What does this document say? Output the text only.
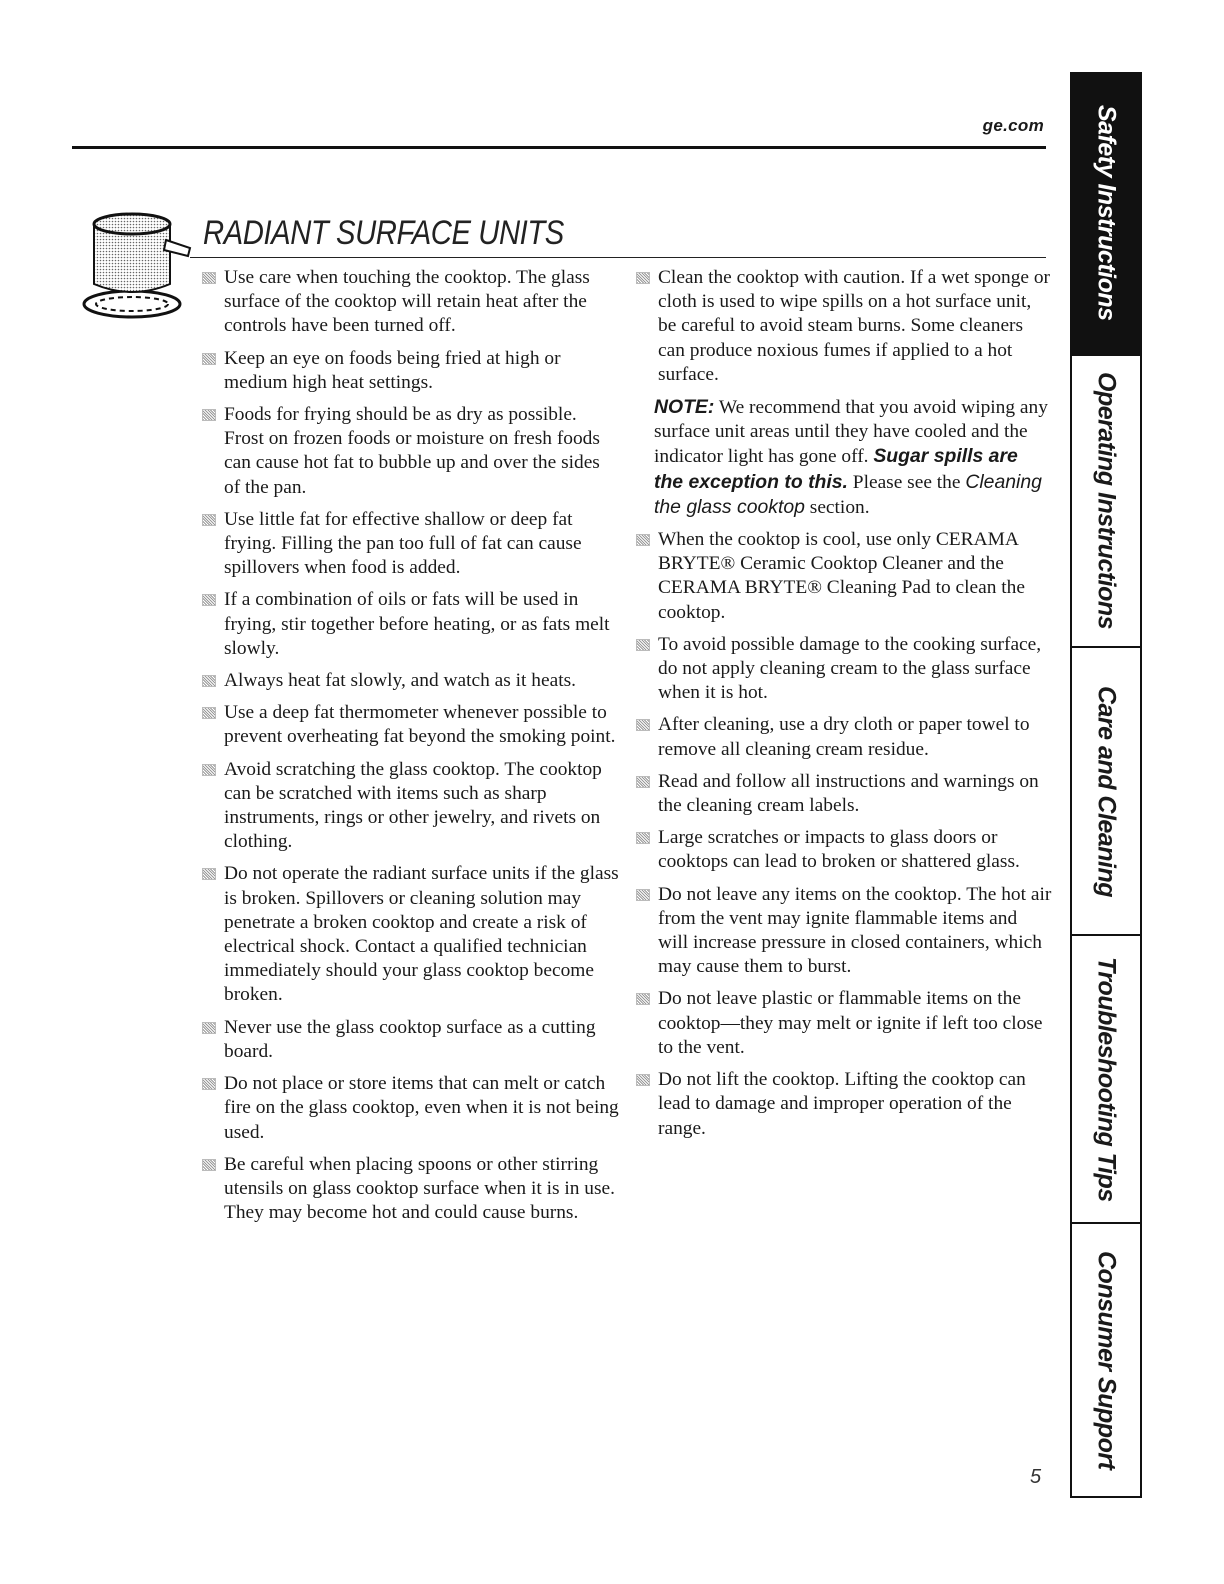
ge.com
RADIANT SURFACE UNITS
Use care when touching the cooktop. The glass surface of the cooktop will retain heat after the controls have been turned off.
Keep an eye on foods being fried at high or medium high heat settings.
Foods for frying should be as dry as possible. Frost on frozen foods or moisture on fresh foods can cause hot fat to bubble up and over the sides of the pan.
Use little fat for effective shallow or deep fat frying. Filling the pan too full of fat can cause spillovers when food is added.
If a combination of oils or fats will be used in frying, stir together before heating, or as fats melt slowly.
Always heat fat slowly, and watch as it heats.
Use a deep fat thermometer whenever possible to prevent overheating fat beyond the smoking point.
Avoid scratching the glass cooktop. The cooktop can be scratched with items such as sharp instruments, rings or other jewelry, and rivets on clothing.
Do not operate the radiant surface units if the glass is broken. Spillovers or cleaning solution may penetrate a broken cooktop and create a risk of electrical shock. Contact a qualified technician immediately should your glass cooktop become broken.
Never use the glass cooktop surface as a cutting board.
Do not place or store items that can melt or catch fire on the glass cooktop, even when it is not being used.
Be careful when placing spoons or other stirring utensils on glass cooktop surface when it is in use. They may become hot and could cause burns.
Clean the cooktop with caution. If a wet sponge or cloth is used to wipe spills on a hot surface unit, be careful to avoid steam burns. Some cleaners can produce noxious fumes if applied to a hot surface.
NOTE: We recommend that you avoid wiping any surface unit areas until they have cooled and the indicator light has gone off. Sugar spills are the exception to this. Please see the Cleaning the glass cooktop section.
When the cooktop is cool, use only CERAMA BRYTE® Ceramic Cooktop Cleaner and the CERAMA BRYTE® Cleaning Pad to clean the cooktop.
To avoid possible damage to the cooking surface, do not apply cleaning cream to the glass surface when it is hot.
After cleaning, use a dry cloth or paper towel to remove all cleaning cream residue.
Read and follow all instructions and warnings on the cleaning cream labels.
Large scratches or impacts to glass doors or cooktops can lead to broken or shattered glass.
Do not leave any items on the cooktop. The hot air from the vent may ignite flammable items and will increase pressure in closed containers, which may cause them to burst.
Do not leave plastic or flammable items on the cooktop—they may melt or ignite if left too close to the vent.
Do not lift the cooktop. Lifting the cooktop can lead to damage and improper operation of the range.
5
Safety Instructions
Operating Instructions
Care and Cleaning
Troubleshooting Tips
Consumer Support
